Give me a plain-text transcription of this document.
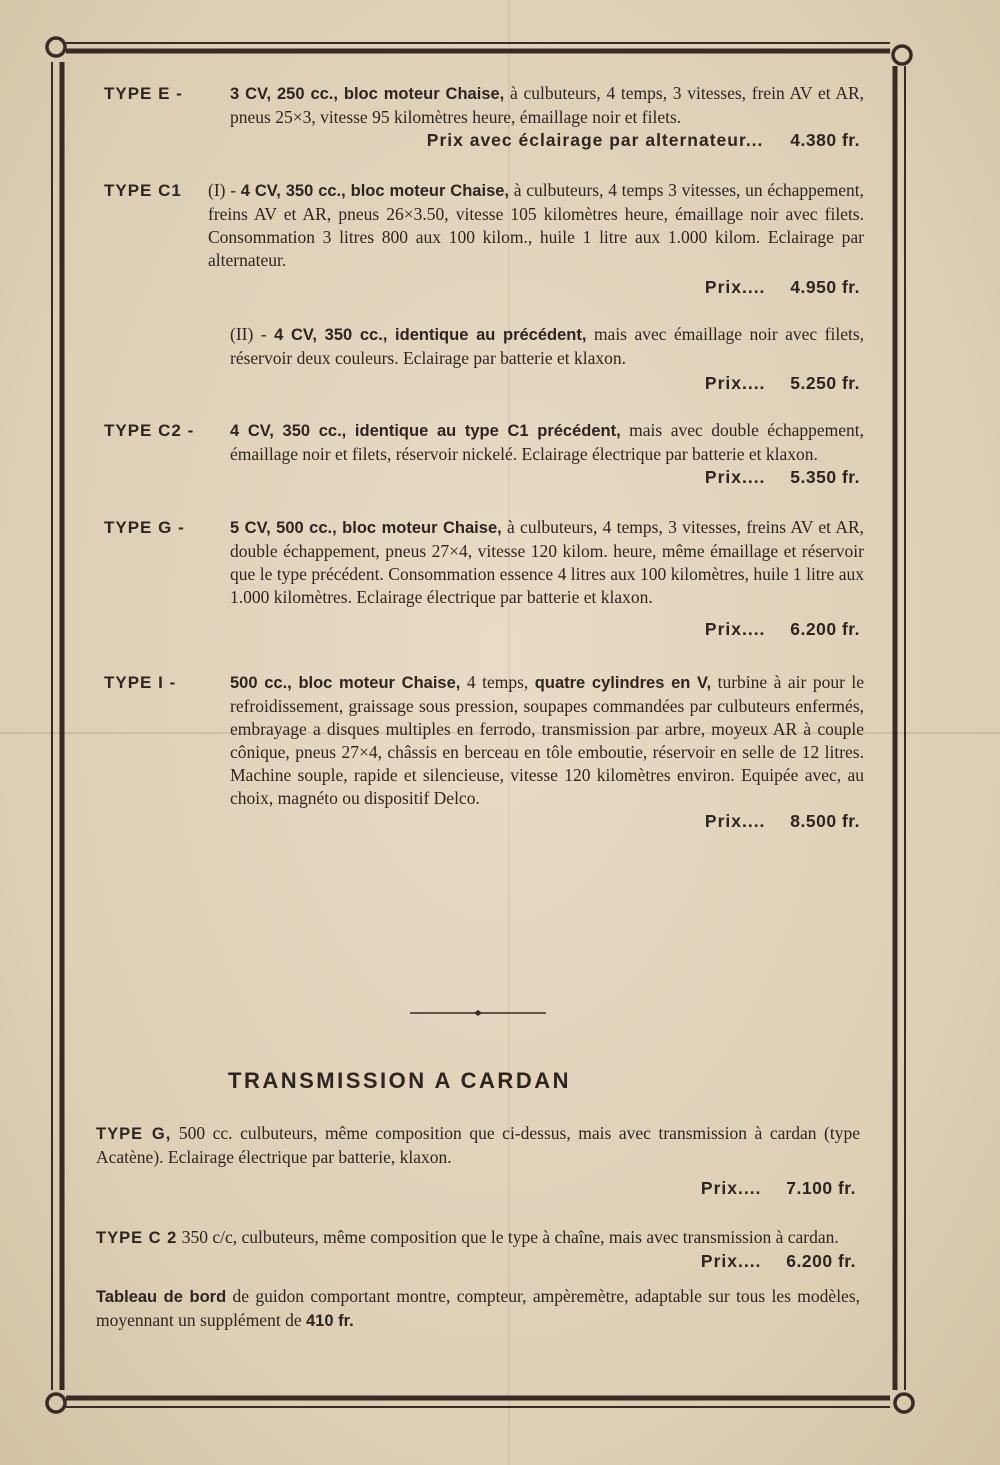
TYPE E -	3 CV, 250 cc., bloc moteur Chaise, à culbuteurs, 4 temps, 3 vitesses, frein AV et AR, pneus 25×3, vitesse 95 kilomètres heure, émaillage noir et filets.
Prix avec éclairage par alternateur... 4.380 fr.
TYPE C1 (I) - 4 CV, 350 cc., bloc moteur Chaise, à culbuteurs, 4 temps 3 vitesses, un échappement, freins AV et AR, pneus 26×3.50, vitesse 105 kilomètres heure, émaillage noir avec filets. Consommation 3 litres 800 aux 100 kilom., huile 1 litre aux 1.000 kilom. Eclairage par alternateur.
Prix.... 4.950 fr.
(II) - 4 CV, 350 cc., identique au précédent, mais avec émaillage noir avec filets, réservoir deux couleurs. Eclairage par batterie et klaxon.
Prix.... 5.250 fr.
TYPE C2 - 4 CV, 350 cc., identique au type C1 précédent, mais avec double échappement, émaillage noir et filets, réservoir nickelé. Eclairage électrique par batterie et klaxon.
Prix.... 5.350 fr.
TYPE G -	5 CV, 500 cc., bloc moteur Chaise, à culbuteurs, 4 temps, 3 vitesses, freins AV et AR, double échappement, pneus 27×4, vitesse 120 kilom. heure, même émaillage et réservoir que le type précédent. Consommation essence 4 litres aux 100 kilomètres, huile 1 litre aux 1.000 kilomètres. Eclairage électrique par batterie et klaxon.
Prix.... 6.200 fr.
TYPE I -	500 cc., bloc moteur Chaise, 4 temps, quatre cylindres en V, turbine à air pour le refroidissement, graissage sous pression, soupapes commandées par culbuteurs enfermés, embrayage a disques multiples en ferrodo, transmission par arbre, moyeux AR à couple cônique, pneus 27×4, châssis en berceau en tôle emboutie, réservoir en selle de 12 litres. Machine souple, rapide et silencieuse, vitesse 120 kilomètres environ. Equipée avec, au choix, magnéto ou dispositif Delco.
Prix.... 8.500 fr.
TRANSMISSION A CARDAN
TYPE G, 500 cc. culbuteurs, même composition que ci-dessus, mais avec transmission à cardan (type Acatène). Eclairage électrique par batterie, klaxon.
Prix.... 7.100 fr.
TYPE C 2 350 c/c, culbuteurs, même composition que le type à chaîne, mais avec transmission à cardan.
Prix.... 6.200 fr.
Tableau de bord de guidon comportant montre, compteur, ampèremètre, adaptable sur tous les modèles, moyennant un supplément de 410 fr.
